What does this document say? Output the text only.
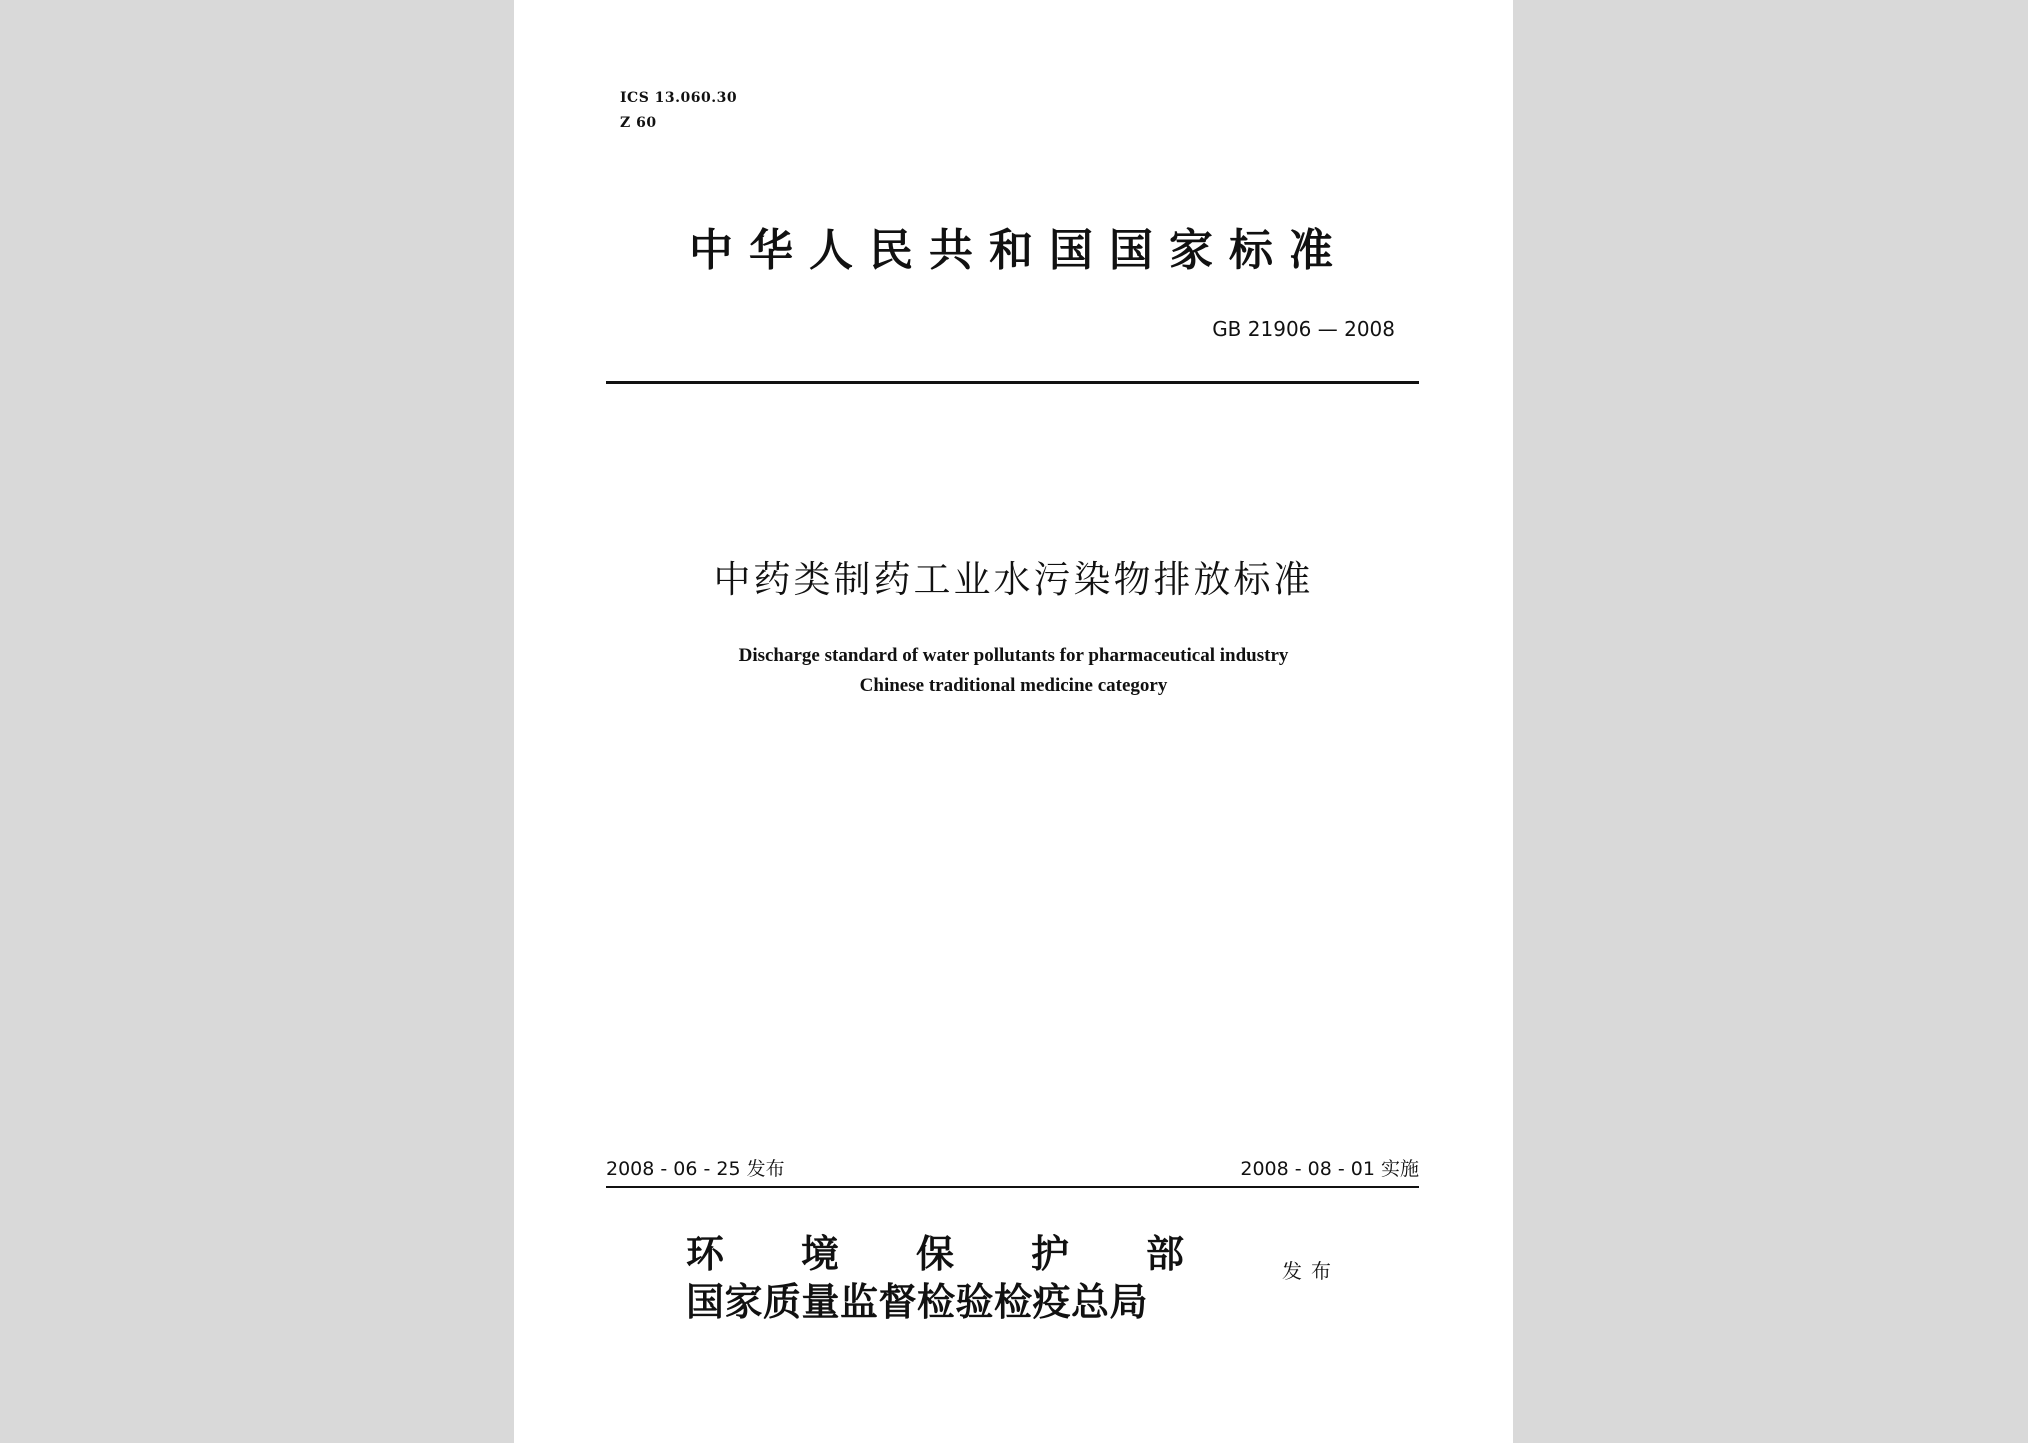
ICS 13.060.30
Z 60
中华人民共和国国家标准
GB 21906 — 2008
中药类制药工业水污染物排放标准
Discharge standard of water pollutants for pharmaceutical industry
Chinese traditional medicine category
2008 - 06 - 25 发布	2008 - 08 - 01 实施
环 境 保 护 部
国家质量监督检验检疫总局
发布
